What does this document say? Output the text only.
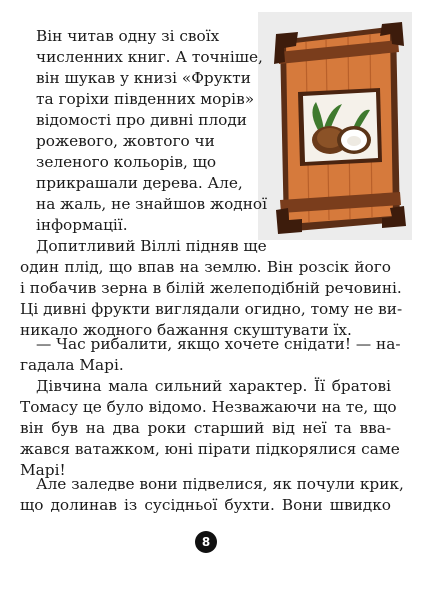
Він читав одну зі своїх
численних книг. А точніше,
він шукав у книзі «Фрукти
та горіхи південних морів»
відомості про дивні плоди
рожевого, жовтого чи
зеленого кольорів, що
прикрашали дерева. Але,
на жаль, не знайшов жодної
інформації.
Допитливий Віллі підняв ще
один плід, що впав на землю. Він розсік його
і побачив зерна в білій желеподібній речовині.
Ці дивні фрукти виглядали огидно, тому не ви-
никало жодного бажання скуштувати їх.
— Час рибалити, якщо хочете снідати! — на-
гадала Марі.
Дівчина мала сильний характер. Її братові
Томасу це було відомо. Незважаючи на те, що
він був на два роки старший від неї та вва-
жався ватажком, юні пірати підкорялися саме
Марі!
Але заледве вони підвелися, як почули крик,
що долинав із сусідньої бухти. Вони швидко
8
